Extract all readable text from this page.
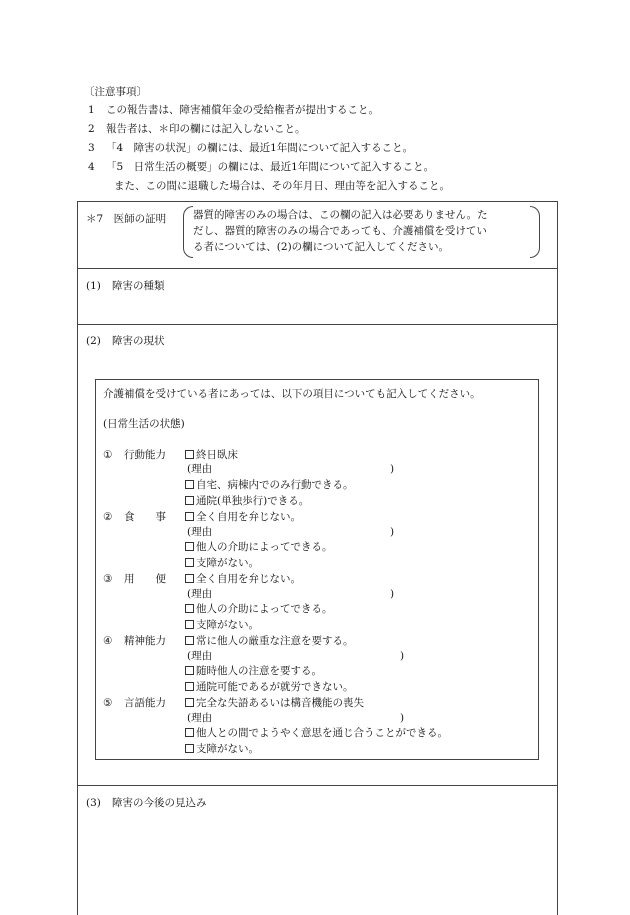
〔注意事項〕
1 この報告書は、障害補償年金の受給権者が提出すること。
2 報告者は、＊印の欄には記入しないこと。
3 「4　障害の状況」の欄には、最近1年間について記入すること。
4 「5　日常生活の概要」の欄には、最近1年間について記入すること。
また、この間に退職した場合は、その年月日、理由等を記入すること。
＊7　医師の証明	器質的障害のみの場合は、この欄の記入は必要ありません。た
だし、器質的障害のみの場合であっても、介護補償を受けてい
る者については、(2)の欄について記入してください。
(1) 障害の種類
(2) 障害の現状
介護補償を受けている者にあっては、以下の項目についても記入してください。
(日常生活の状態)
① 行動能力	終日臥床
(理由	)
自宅、病棟内でのみ行動できる。
通院(単独歩行)できる。
② 食　　事	全く自用を弁じない。
(理由	)
他人の介助によってできる。
支障がない。
③ 用　　便	全く自用を弁じない。
(理由	)
他人の介助によってできる。
支障がない。
④ 精神能力	常に他人の厳重な注意を要する。
(理由	)
随時他人の注意を要する。
通院可能であるが就労できない。
⑤ 言語能力	完全な失語あるいは構音機能の喪失
(理由	)
他人との間でようやく意思を通じ合うことができる。
支障がない。
(3) 障害の今後の見込み
